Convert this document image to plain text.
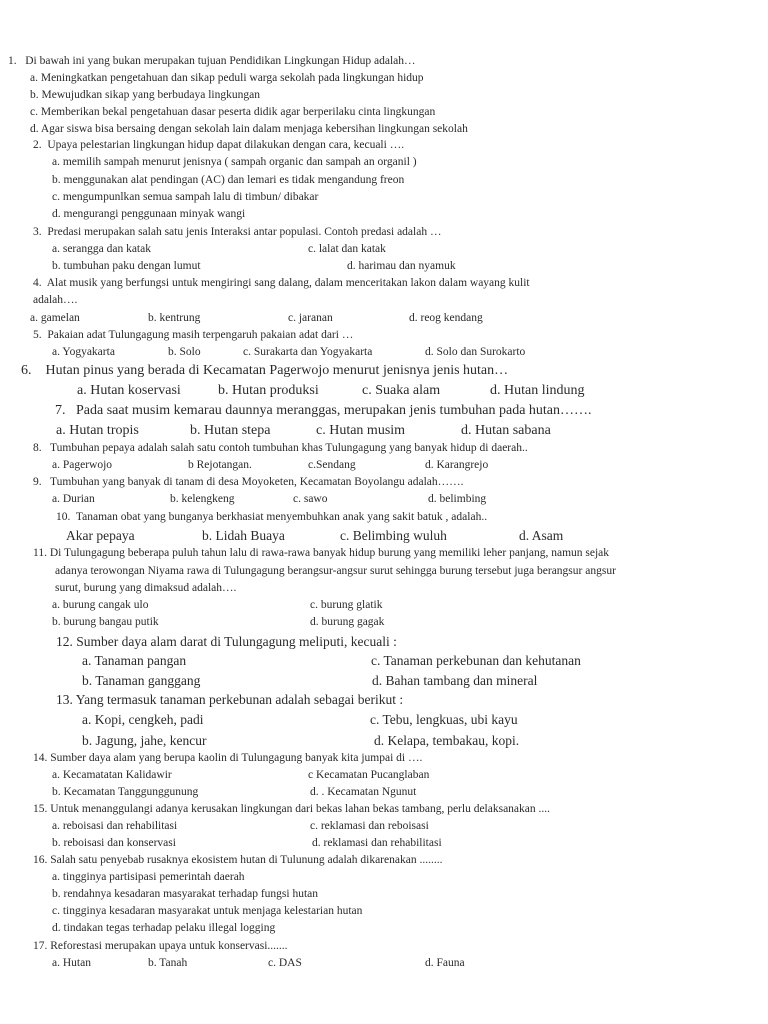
1. Di bawah ini yang bukan merupakan tujuan Pendidikan Lingkungan Hidup adalah…
a. Meningkatkan pengetahuan dan sikap peduli warga sekolah pada lingkungan hidup
b. Mewujudkan sikap yang berbudaya lingkungan
c. Memberikan bekal pengetahuan dasar peserta didik agar berperilaku cinta lingkungan
d. Agar siswa bisa bersaing dengan sekolah lain dalam menjaga kebersihan lingkungan sekolah
2. Upaya pelestarian lingkungan hidup dapat dilakukan dengan cara, kecuali ….
a. memilih sampah menurut jenisnya ( sampah organic dan sampah an organil )
b. menggunakan alat pendingan (AC) dan lemari es tidak mengandung freon
c. mengumpunlkan semua sampah lalu di timbun/ dibakar
d. mengurangi penggunaan minyak wangi
3. Predasi merupakan salah satu jenis Interaksi antar populasi. Contoh predasi adalah …
a. serangga dan katak	c. lalat dan katak
b. tumbuhan paku dengan lumut	d. harimau dan nyamuk
4. Alat musik yang berfungsi untuk mengiringi sang dalang, dalam menceritakan lakon dalam wayang kulit
adalah….
a. gamelan	b. kentrung	c. jaranan	d. reog kendang
5. Pakaian adat Tulungagung masih terpengaruh pakaian adat dari …
a. Yogyakarta	b. Solo	c. Surakarta dan Yogyakarta	d. Solo dan Surokarto
6. Hutan pinus yang berada di Kecamatan Pagerwojo menurut jenisnya jenis hutan…
a. Hutan koservasi	b. Hutan produksi	c. Suaka alam	d. Hutan lindung
7. Pada saat musim kemarau daunnya meranggas, merupakan jenis tumbuhan pada hutan…….
a. Hutan tropis	b. Hutan stepa	c. Hutan musim	d. Hutan sabana
8. Tumbuhan pepaya adalah salah satu contoh tumbuhan khas Tulungagung yang banyak hidup di daerah..
a. Pagerwojo	b Rejotangan.	c.Sendang	d. Karangrejo
9. Tumbuhan yang banyak di tanam di desa Moyoketen, Kecamatan Boyolangu adalah…….
a. Durian	b. kelengkeng	c. sawo	d. belimbing
10. Tanaman obat yang bunganya berkhasiat menyembuhkan anak yang sakit batuk , adalah..
Akar pepaya	b. Lidah Buaya	c. Belimbing wuluh	d. Asam
11. Di Tulungagung beberapa puluh tahun lalu di rawa-rawa banyak hidup burung yang memiliki leher panjang, namun sejak
adanya terowongan Niyama rawa di Tulungagung berangsur-angsur surut sehingga burung tersebut juga berangsur angsur
surut, burung yang dimaksud adalah….
a. burung cangak ulo	c. burung glatik
b. burung bangau putik	d. burung gagak
12. Sumber daya alam darat di Tulungagung meliputi, kecuali :
a. Tanaman pangan	c. Tanaman perkebunan dan kehutanan
b. Tanaman ganggang	d. Bahan tambang dan mineral
13. Yang termasuk tanaman perkebunan adalah sebagai berikut :
a. Kopi, cengkeh, padi	c. Tebu, lengkuas, ubi kayu
b. Jagung, jahe, kencur	d. Kelapa, tembakau, kopi.
14. Sumber daya alam yang berupa kaolin di Tulungagung banyak kita jumpai di ….
a. Kecamatatan Kalidawir	c Kecamatan Pucanglaban
b. Kecamatan Tanggunggunung	d. . Kecamatan Ngunut
15. Untuk menanggulangi adanya kerusakan lingkungan dari bekas lahan bekas tambang, perlu delaksanakan ....
a. reboisasi dan rehabilitasi	c. reklamasi dan reboisasi
b. reboisasi dan konservasi	d. reklamasi dan rehabilitasi
16. Salah satu penyebab rusaknya ekosistem hutan di Tulunung adalah dikarenakan ........
a. tingginya partisipasi pemerintah daerah
b. rendahnya kesadaran masyarakat terhadap fungsi hutan
c. tingginya kesadaran masyarakat untuk menjaga kelestarian hutan
d. tindakan tegas terhadap pelaku illegal logging
17. Reforestasi merupakan upaya untuk konservasi.......
a. Hutan	b. Tanah	c. DAS	d. Fauna
